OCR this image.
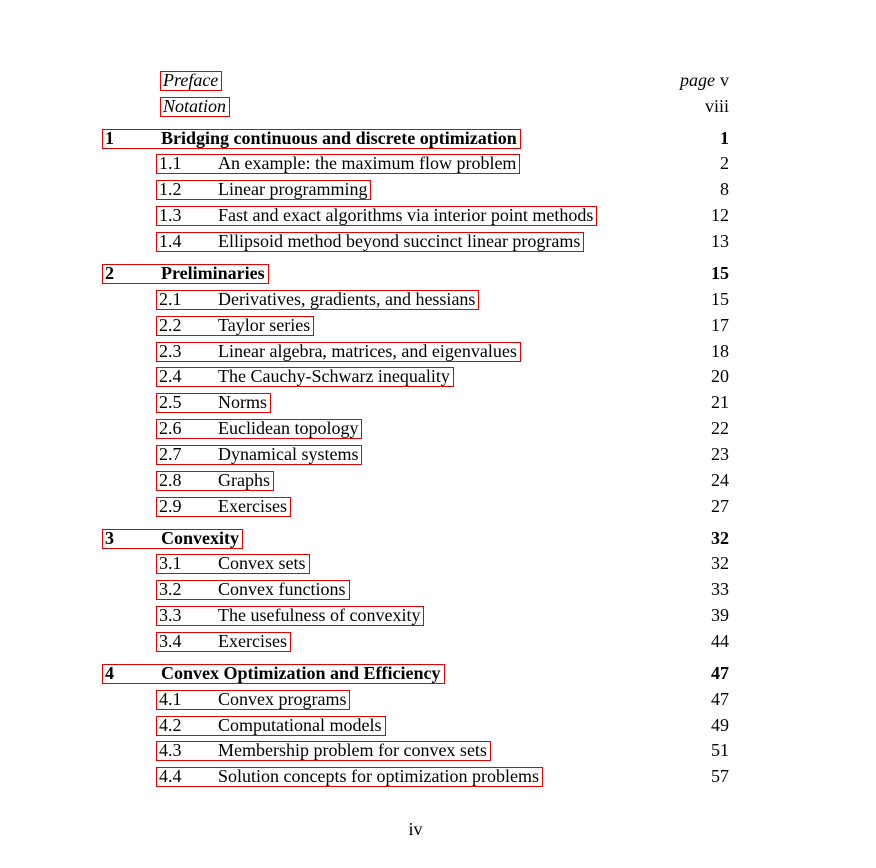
Preface	page v
Notation	viii
1	Bridging continuous and discrete optimization	1
1.1	An example: the maximum flow problem	2
1.2	Linear programming	8
1.3	Fast and exact algorithms via interior point methods	12
1.4	Ellipsoid method beyond succinct linear programs	13
2	Preliminaries	15
2.1	Derivatives, gradients, and hessians	15
2.2	Taylor series	17
2.3	Linear algebra, matrices, and eigenvalues	18
2.4	The Cauchy-Schwarz inequality	20
2.5	Norms	21
2.6	Euclidean topology	22
2.7	Dynamical systems	23
2.8	Graphs	24
2.9	Exercises	27
3	Convexity	32
3.1	Convex sets	32
3.2	Convex functions	33
3.3	The usefulness of convexity	39
3.4	Exercises	44
4	Convex Optimization and Efficiency	47
4.1	Convex programs	47
4.2	Computational models	49
4.3	Membership problem for convex sets	51
4.4	Solution concepts for optimization problems	57
iv
